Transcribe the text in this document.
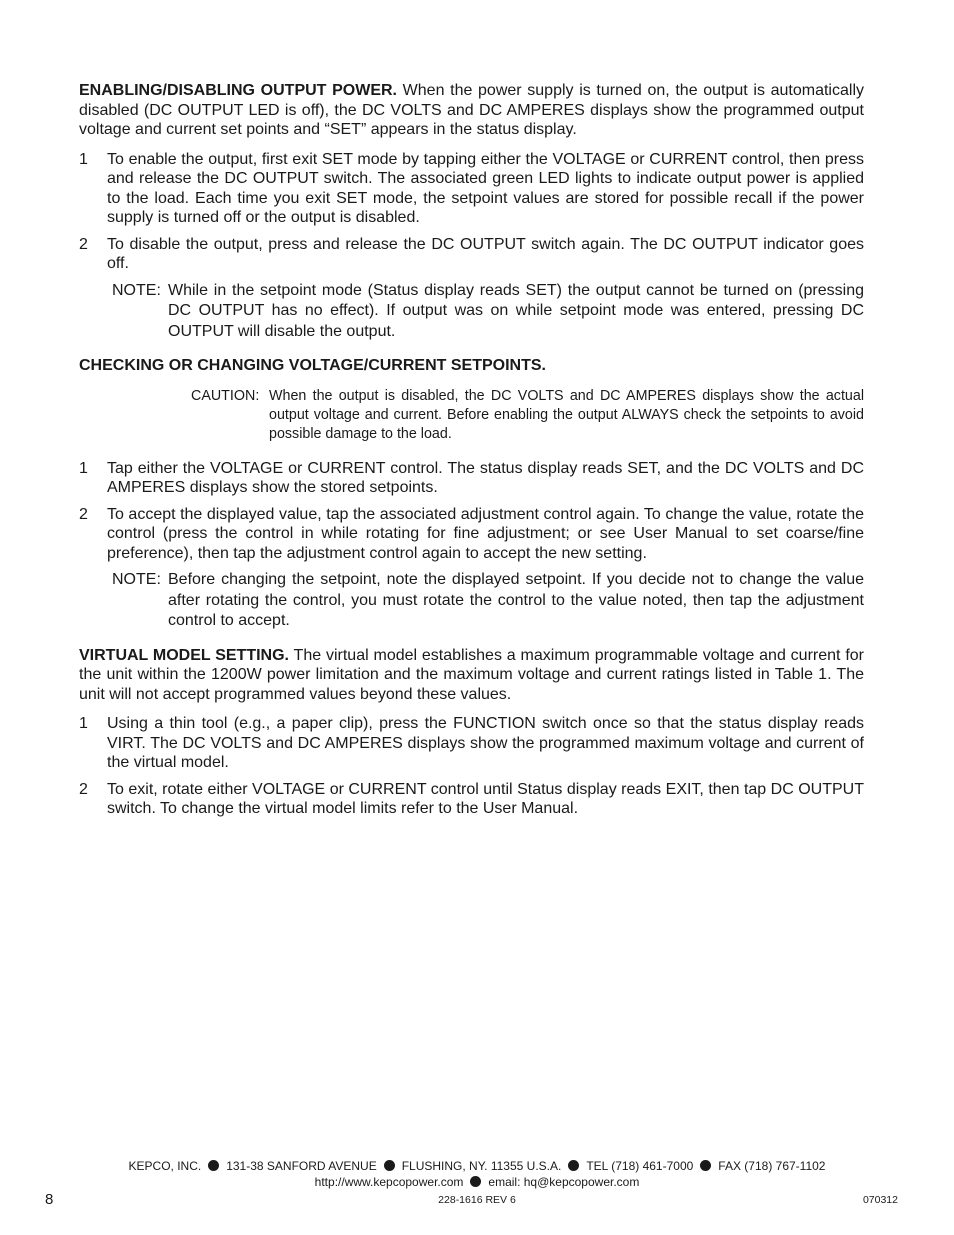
ENABLING/DISABLING OUTPUT POWER. When the power supply is turned on, the output is automatically disabled (DC OUTPUT LED is off), the DC VOLTS and DC AMPERES displays show the programmed output voltage and current set points and “SET” appears in the status display.

1	To enable the output, first exit SET mode by tapping either the VOLTAGE or CURRENT control, then press and release the DC OUTPUT switch. The associated green LED lights to indicate output power is applied to the load. Each time you exit SET mode, the setpoint values are stored for possible recall if the power supply is turned off or the output is disabled.
2	To disable the output, press and release the DC OUTPUT switch again. The DC OUTPUT indicator goes off.
NOTE: While in the setpoint mode (Status display reads SET) the output cannot be turned on (pressing DC OUTPUT has no effect). If output was on while setpoint mode was entered, pressing DC OUTPUT will disable the output.
CHECKING OR CHANGING VOLTAGE/CURRENT SETPOINTS.
CAUTION: When the output is disabled, the DC VOLTS and DC AMPERES displays show the actual output voltage and current. Before enabling the output ALWAYS check the setpoints to avoid possible damage to the load.
1	Tap either the VOLTAGE or CURRENT control. The status display reads SET, and the DC VOLTS and DC AMPERES displays show the stored setpoints.
2	To accept the displayed value, tap the associated adjustment control again. To change the value, rotate the control (press the control in while rotating for fine adjustment; or see User Manual to set coarse/fine preference), then tap the adjustment control again to accept the new setting.
NOTE: Before changing the setpoint, note the displayed setpoint. If you decide not to change the value after rotating the control, you must rotate the control to the value noted, then tap the adjustment control to accept.

VIRTUAL MODEL SETTING. The virtual model establishes a maximum programmable voltage and current for the unit within the 1200W power limitation and the maximum voltage and current ratings listed in Table 1. The unit will not accept programmed values beyond these values.

1	Using a thin tool (e.g., a paper clip), press the FUNCTION switch once so that the status display reads VIRT. The DC VOLTS and DC AMPERES displays show the programmed maximum voltage and current of the virtual model.
2	To exit, rotate either VOLTAGE or CURRENT control until Status display reads EXIT, then tap DC OUTPUT switch. To change the virtual model limits refer to the User Manual.
KEPCO, INC. 131-38 SANFORD AVENUE FLUSHING, NY. 11355 U.S.A. TEL (718) 461-7000 FAX (718) 767-1102
http://www.kepcopower.com email: hq@kepcopower.com
8	228-1616 REV 6	070312
